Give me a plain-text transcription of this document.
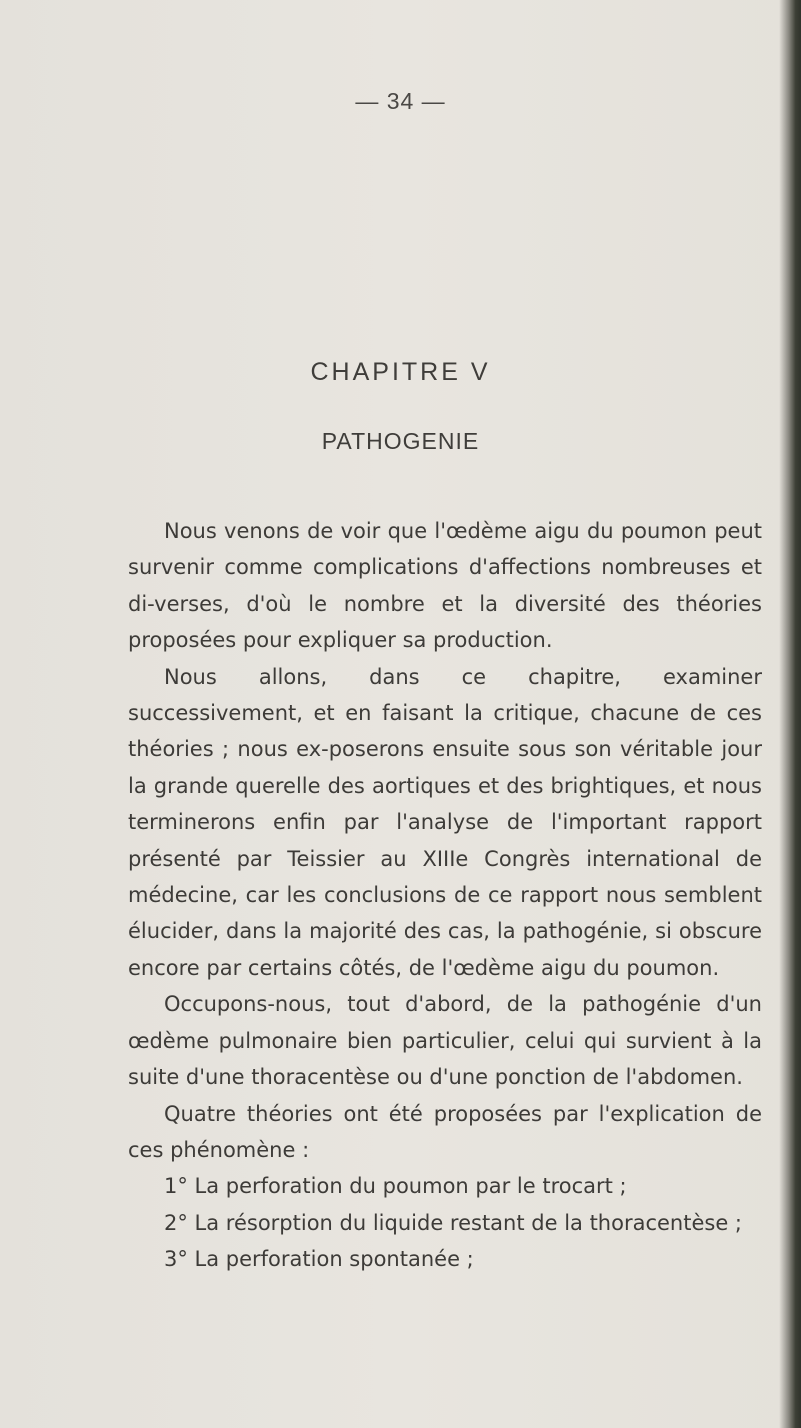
— 34 —
CHAPITRE V
PATHOGENIE

Nous venons de voir que l'œdème aigu du poumon peut survenir comme complications d'affections nombreuses et di-verses, d'où le nombre et la diversité des théories proposées pour expliquer sa production.

Nous allons, dans ce chapitre, examiner successivement, et en faisant la critique, chacune de ces théories ; nous ex-poserons ensuite sous son véritable jour la grande querelle des aortiques et des brightiques, et nous terminerons enfin par l'analyse de l'important rapport présenté par Teissier au XIIIe Congrès international de médecine, car les conclusions de ce rapport nous semblent élucider, dans la majorité des cas, la pathogénie, si obscure encore par certains côtés, de l'œdème aigu du poumon.

Occupons-nous, tout d'abord, de la pathogénie d'un œdème pulmonaire bien particulier, celui qui survient à la suite d'une thoracentèse ou d'une ponction de l'abdomen.

Quatre théories ont été proposées par l'explication de ces phénomène :

1° La perforation du poumon par le trocart ;
2° La résorption du liquide restant de la thoracentèse ;
3° La perforation spontanée ;
